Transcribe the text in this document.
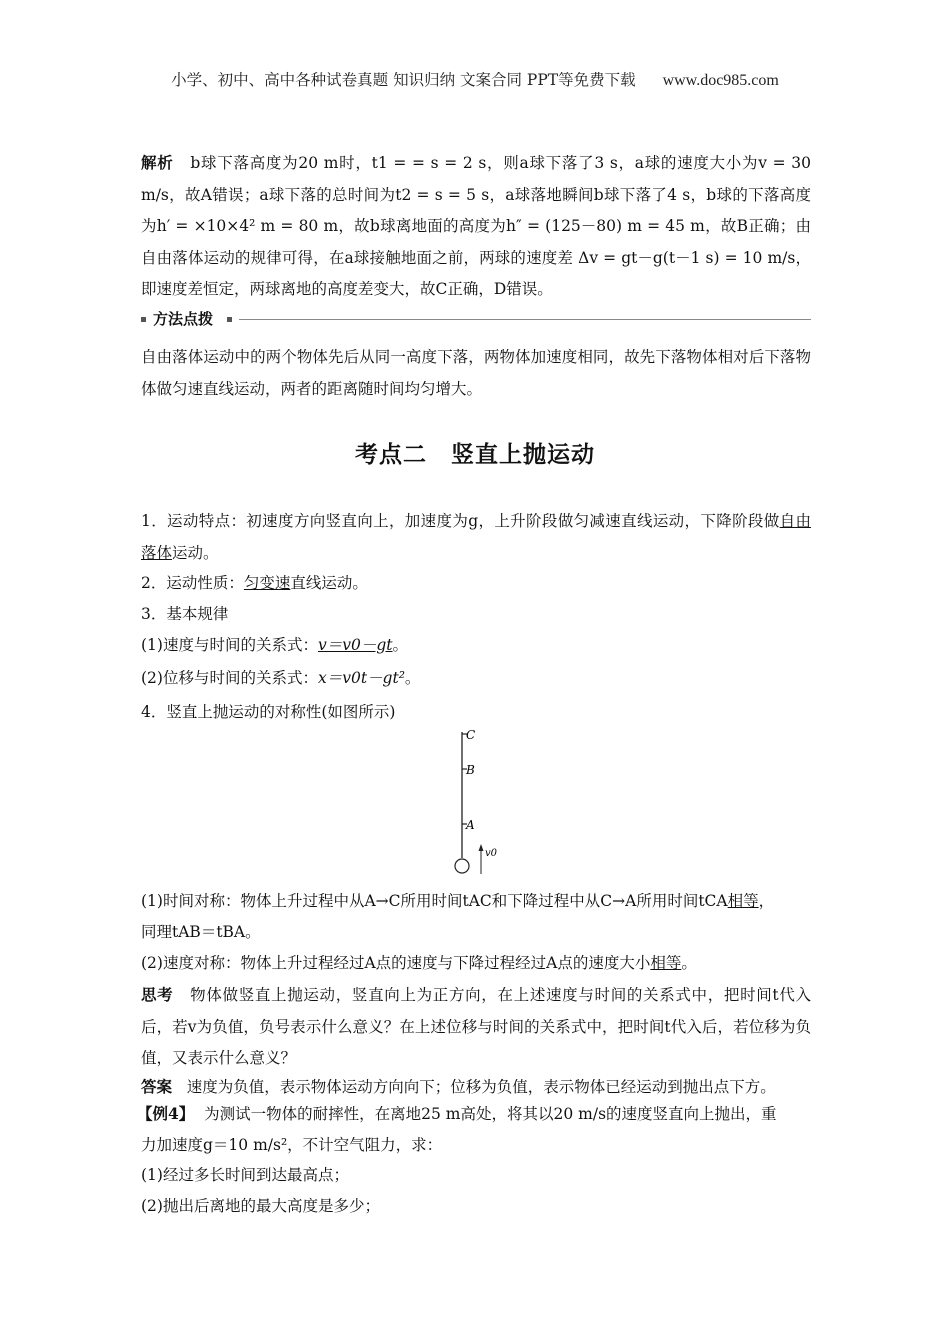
小学、初中、高中各种试卷真题 知识归纳 文案合同 PPT等免费下载 www.doc985.com
解析 b球下落高度为20 m时，t1 = = s = 2 s，则a球下落了3 s，a球的速度大小为v = 30 m/s，故A错误；a球下落的总时间为t2 = s = 5 s，a球落地瞬间b球下落了4 s，b球的下落高度为h′ = ×10×4² m = 80 m，故b球离地面的高度为h″ = (125－80) m = 45 m，故B正确；由自由落体运动的规律可得，在a球接触地面之前，两球的速度差 Δv = gt－g(t－1 s) = 10 m/s，即速度差恒定，两球离地的高度差变大，故C正确，D错误。
方法点拨
自由落体运动中的两个物体先后从同一高度下落，两物体加速度相同，故先下落物体相对后下落物体做匀速直线运动，两者的距离随时间均匀增大。
考点二　竖直上抛运动
1．运动特点：初速度方向竖直向上，加速度为g，上升阶段做匀减速直线运动，下降阶段做自由落体运动。
2．运动性质：匀变速直线运动。
3．基本规律
(1)速度与时间的关系式：v＝v0－gt。
(2)位移与时间的关系式：x＝v0t－gt²。
4．竖直上抛运动的对称性(如图所示)
C
B
A
v0
(1)时间对称：物体上升过程中从A→C所用时间tAC和下降过程中从C→A所用时间tCA相等，
同理tAB＝tBA。
(2)速度对称：物体上升过程经过A点的速度与下降过程经过A点的速度大小相等。
思考 物体做竖直上抛运动，竖直向上为正方向，在上述速度与时间的关系式中，把时间t代入后，若v为负值，负号表示什么意义？在上述位移与时间的关系式中，把时间t代入后，若位移为负值，又表示什么意义？
答案 速度为负值，表示物体运动方向向下；位移为负值，表示物体已经运动到抛出点下方。
【例4】 为测试一物体的耐摔性，在离地25 m高处，将其以20 m/s的速度竖直向上抛出，重
力加速度g＝10 m/s²，不计空气阻力，求：
(1)经过多长时间到达最高点；
(2)抛出后离地的最大高度是多少；
